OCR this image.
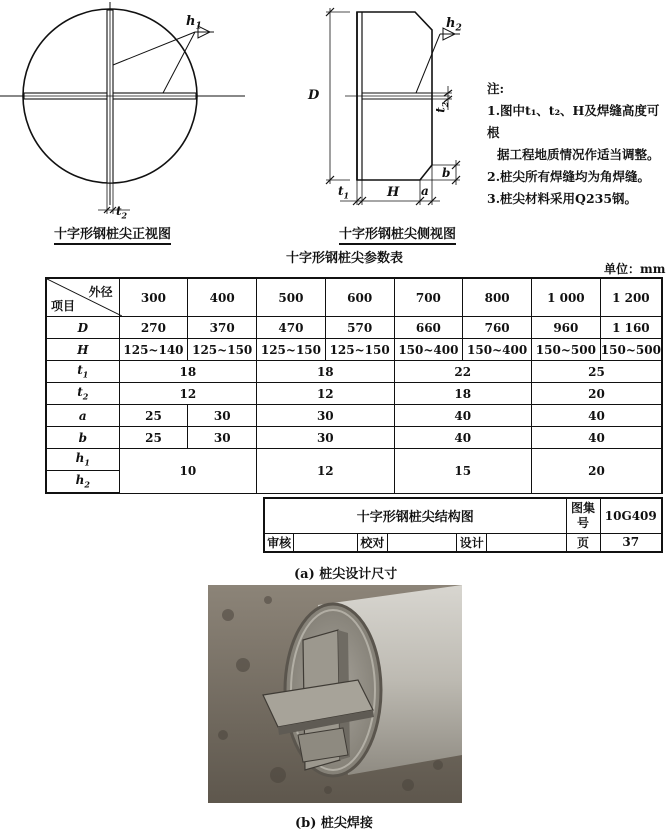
$h_1$
$t_2$
十字形钢桩尖正视图
D
$h_2$
$t_2$
$t_1$	H a
b
十字形钢桩尖侧视图
注:
1.图中t₁、t₂、H及焊缝高度可根
据工程地质情况作适当调整。
2.桩尖所有焊缝均为角焊缝。
3.桩尖材料采用Q235钢。
十字形钢桩尖参数表
单位：mm
外径
项目	300	400	500	600	700	800	1 000	1 200
D	270	370	470	570	660	760	960	1 160
H	125~140	125~150	125~150	125~150	150~400	150~400	150~500	150~500
$t_1$	18		18		22		25	
$t_2$	12		12		18		20	
a	25	30	30		40		40	
b	25	30	30		40		40	
$h_1$	10		12		15		20	
$h_2$
十字形钢桩尖结构图						图集号	10G409
审核		校对		设计		页	37
(a) 桩尖设计尺寸
(b) 桩尖焊接
